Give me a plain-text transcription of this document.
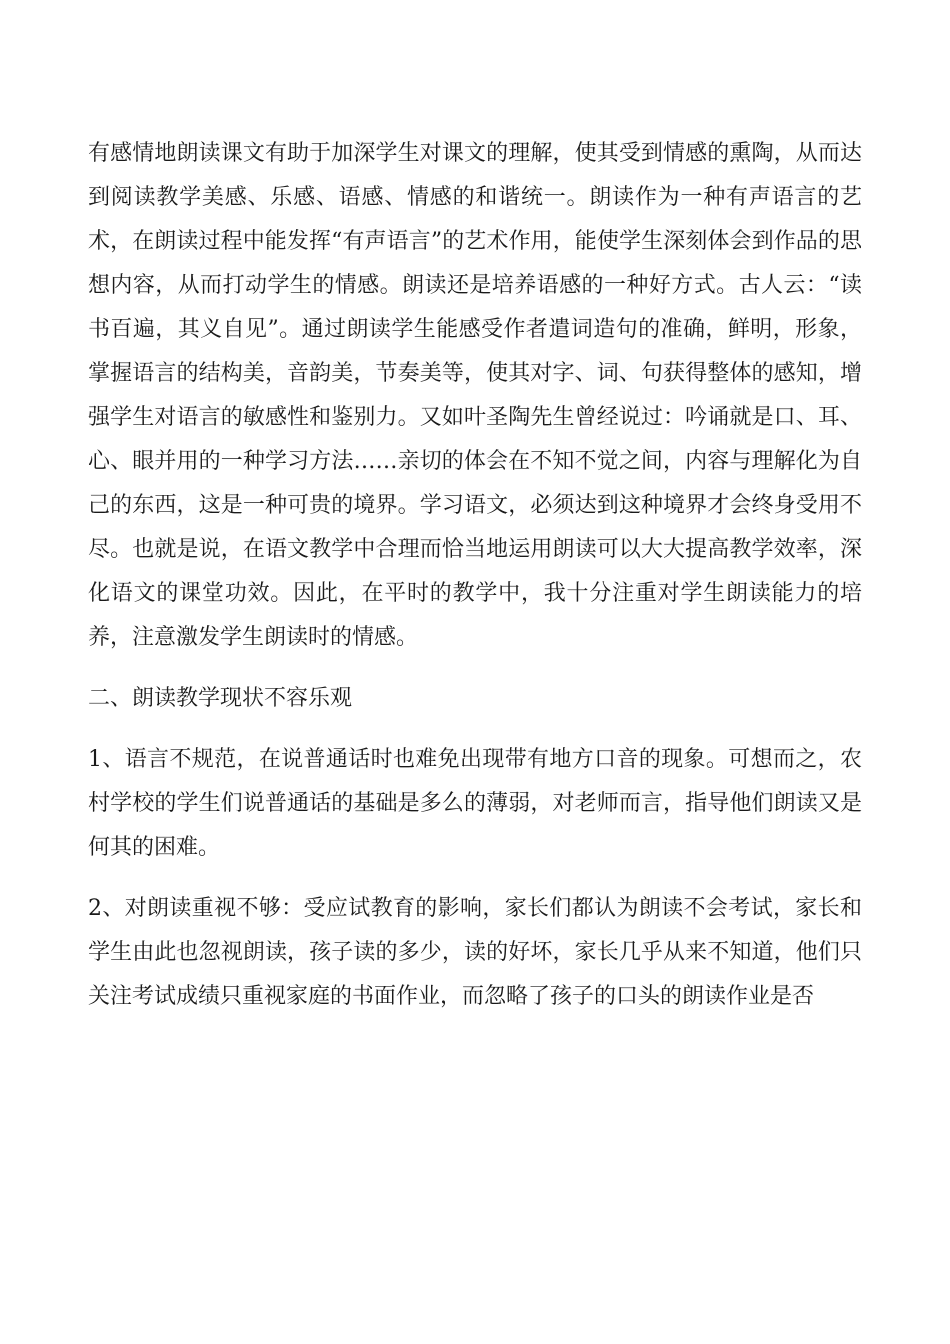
有感情地朗读课文有助于加深学生对课文的理解，使其受到情感的熏陶，从而达到阅读教学美感、乐感、语感、情感的和谐统一。朗读作为一种有声语言的艺术，在朗读过程中能发挥“有声语言”的艺术作用，能使学生深刻体会到作品的思想内容，从而打动学生的情感。朗读还是培养语感的一种好方式。古人云：“读书百遍，其义自见”。通过朗读学生能感受作者遣词造句的准确，鲜明，形象，掌握语言的结构美，音韵美，节奏美等，使其对字、词、句获得整体的感知，增强学生对语言的敏感性和鉴别力。又如叶圣陶先生曾经说过：吟诵就是口、耳、心、眼并用的一种学习方法……亲切的体会在不知不觉之间，内容与理解化为自己的东西，这是一种可贵的境界。学习语文，必须达到这种境界才会终身受用不尽。也就是说，在语文教学中合理而恰当地运用朗读可以大大提高教学效率，深化语文的课堂功效。因此，在平时的教学中，我十分注重对学生朗读能力的培养，注意激发学生朗读时的情感。

二、朗读教学现状不容乐观

1、语言不规范，在说普通话时也难免出现带有地方口音的现象。可想而之，农村学校的学生们说普通话的基础是多么的薄弱，对老师而言，指导他们朗读又是何其的困难。

2、对朗读重视不够：受应试教育的影响，家长们都认为朗读不会考试，家长和学生由此也忽视朗读，孩子读的多少，读的好坏，家长几乎从来不知道，他们只关注考试成绩只重视家庭的书面作业，而忽略了孩子的口头的朗读作业是否
